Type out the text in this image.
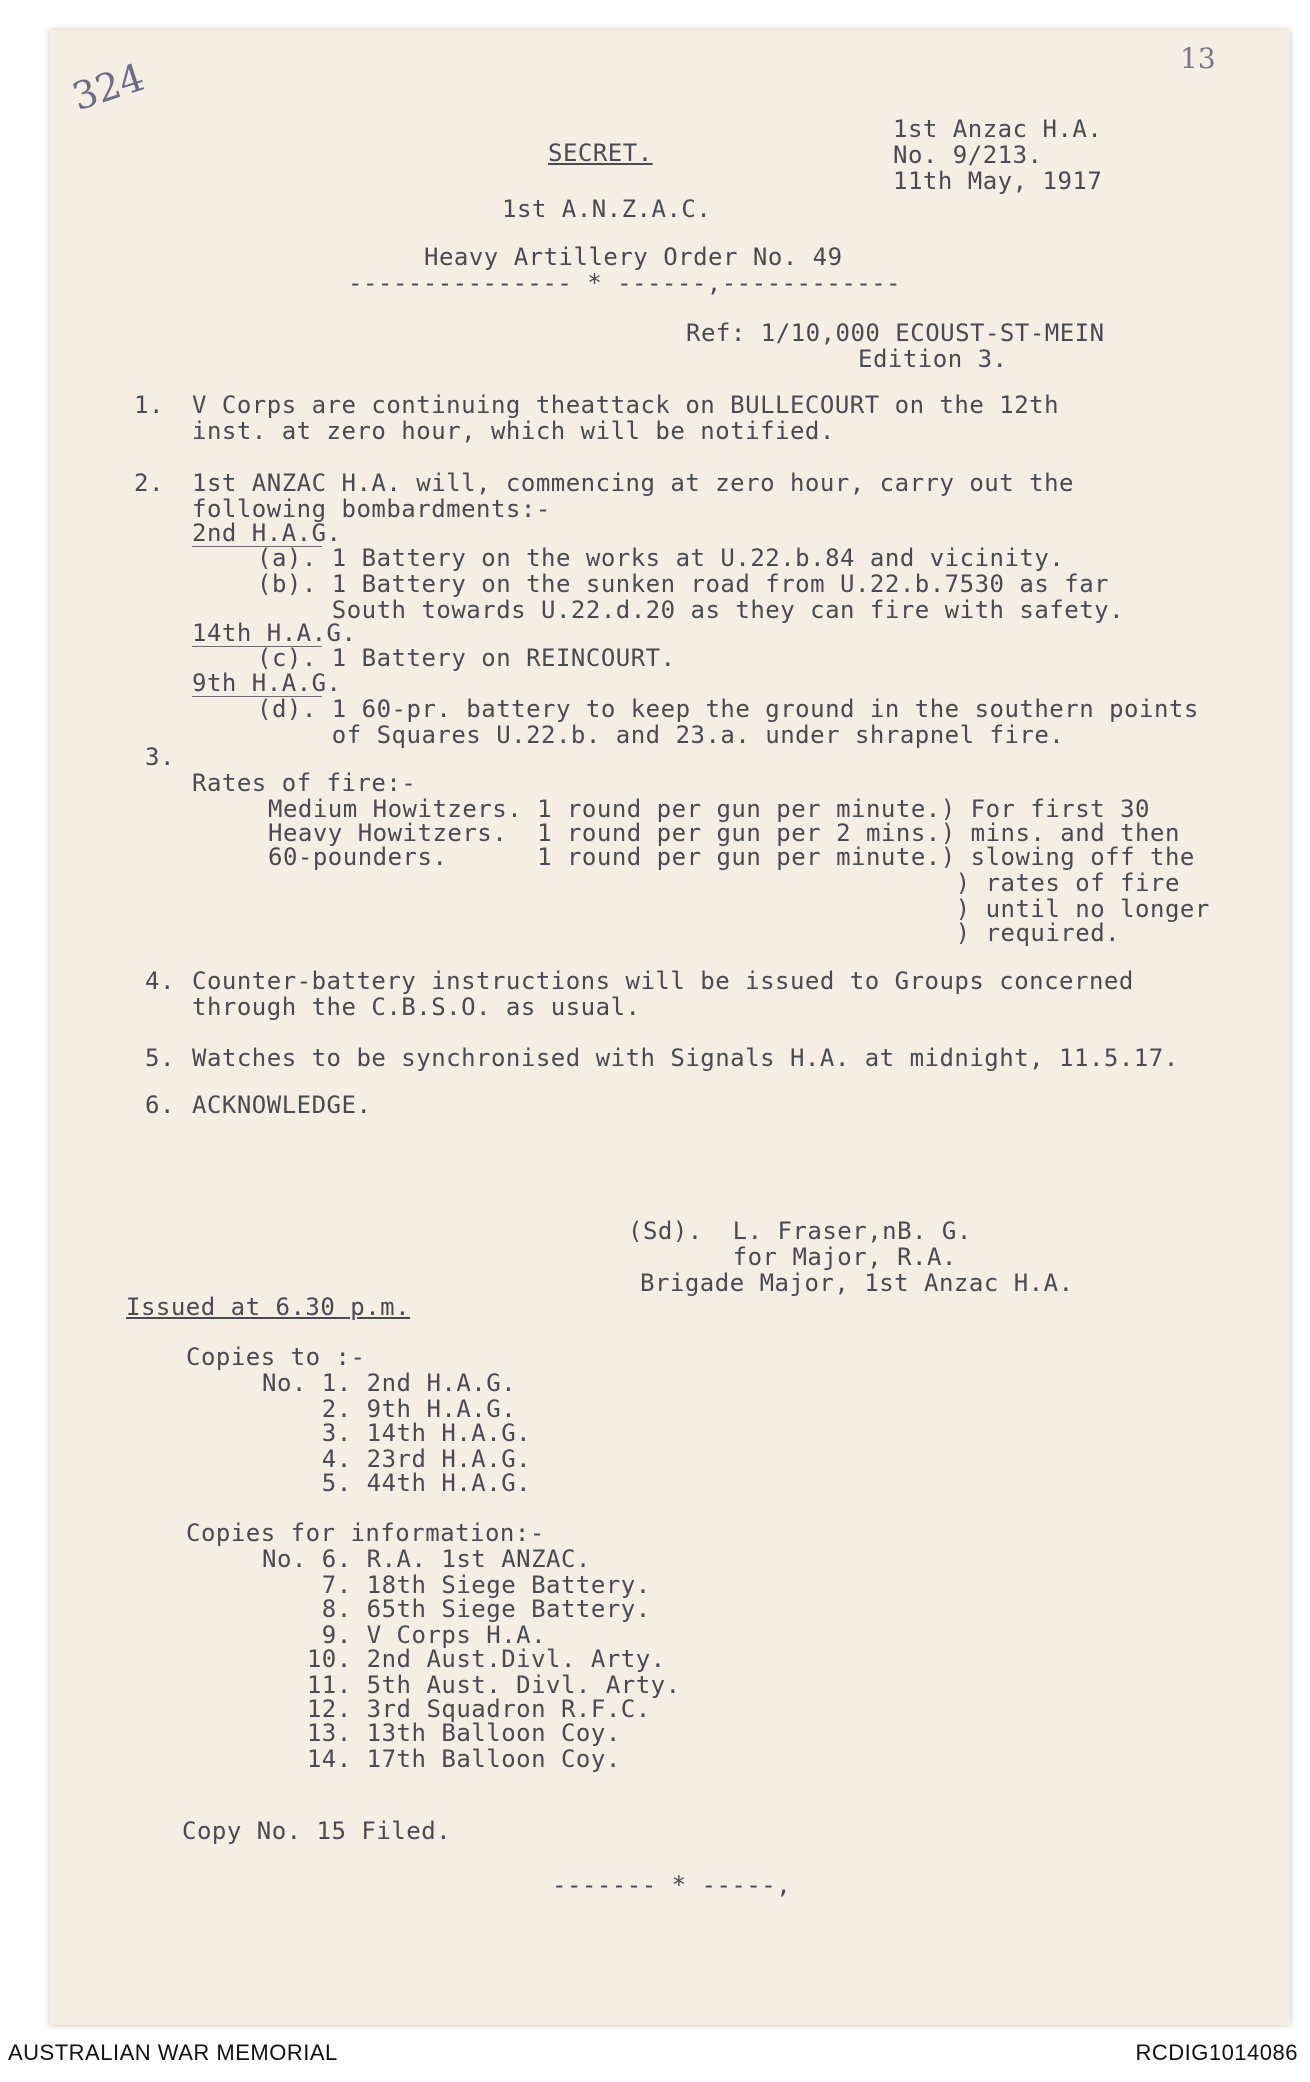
324	13
1st Anzac H.A.
No. 9/213.
11th May, 1917
SECRET.
1st A.N.Z.A.C.
Heavy Artillery Order No. 49
--------------- * ------,------------
Ref: 1/10,000 ECOUST-ST-MEIN
Edition 3.
1. V Corps are continuing theattack on BULLECOURT on the 12th
inst. at zero hour, which will be notified.
2. 1st ANZAC H.A. will, commencing at zero hour, carry out the
following bombardments:-
2nd H.A.G.
(a). 1 Battery on the works at U.22.b.84 and vicinity.
(b). 1 Battery on the sunken road from U.22.b.7530 as far
South towards U.22.d.20 as they can fire with safety.
14th H.A.G.
(c). 1 Battery on REINCOURT.
9th H.A.G.
(d). 1 60-pr. battery to keep the ground in the southern points
of Squares U.22.b. and 23.a. under shrapnel fire.
3.
Rates of fire:-
Medium Howitzers. 1 round per gun per minute.) For first 30
Heavy Howitzers.  1 round per gun per 2 mins.) mins. and then
60-pounders.      1 round per gun per minute.) slowing off the
) rates of fire
) until no longer
) required.
4. Counter-battery instructions will be issued to Groups concerned
through the C.B.S.O. as usual.
5. Watches to be synchronised with Signals H.A. at midnight, 11.5.17.
6. ACKNOWLEDGE.
(Sd).  L. Fraser,nB. G.
for Major, R.A.
Brigade Major, 1st Anzac H.A.
Issued at 6.30 p.m.
Copies to :-
No. 1. 2nd H.A.G.
2. 9th H.A.G.
3. 14th H.A.G.
4. 23rd H.A.G.
5. 44th H.A.G.
Copies for information:-
No. 6. R.A. 1st ANZAC.
7. 18th Siege Battery.
8. 65th Siege Battery.
9. V Corps H.A.
10. 2nd Aust.Divl. Arty.
11. 5th Aust. Divl. Arty.
12. 3rd Squadron R.F.C.
13. 13th Balloon Coy.
14. 17th Balloon Coy.
Copy No. 15 Filed.
------- * -----,
AUSTRALIAN WAR MEMORIAL	RCDIG1014086
